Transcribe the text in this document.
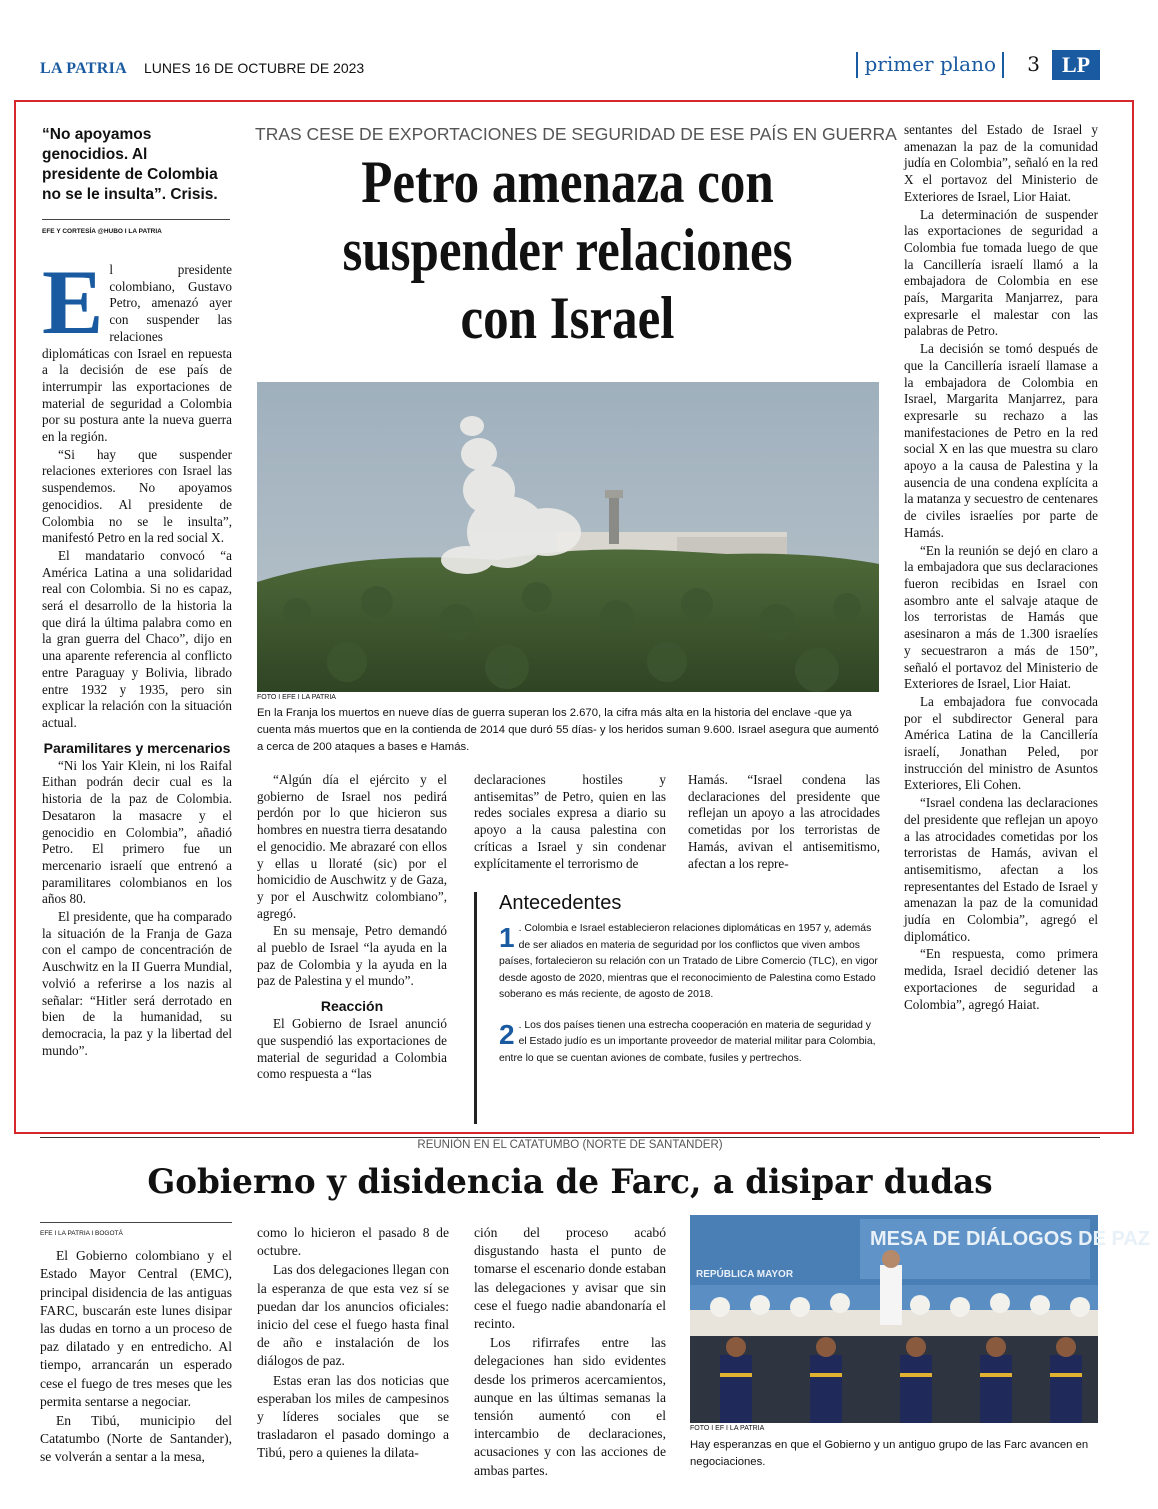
LA PATRIA LUNES 16 DE OCTUBRE DE 2023	primer plano	3 LP
“No apoyamos genocidios. Al presidente de Colombia no se le insulta”. Crisis.
EFE Y CORTESÍA @HUBO I LA PATRIA
TRAS CESE DE EXPORTACIONES DE SEGURIDAD DE ESE PAÍS EN GUERRA
Petro amenaza con suspender relaciones con Israel
E l presidente colombiano, Gustavo Petro, amenazó ayer con suspender las relaciones diplomáticas con Israel en repuesta a la decisión de ese país de interrumpir las exportaciones de material de seguridad a Colombia por su postura ante la nueva guerra en la región.

“Si hay que suspender relaciones exteriores con Israel las suspendemos. No apoyamos genocidios. Al presidente de Colombia no se le insulta”, manifestó Petro en la red social X.

El mandatario convocó “a América Latina a una solidaridad real con Colombia. Si no es capaz, será el desarrollo de la historia la que dirá la última palabra como en la gran guerra del Chaco”, dijo en una aparente referencia al conflicto entre Paraguay y Bolivia, librado entre 1932 y 1935, pero sin explicar la relación con la situación actual.

Paramilitares y mercenarios

“Ni los Yair Klein, ni los Raifal Eithan podrán decir cual es la historia de la paz de Colombia. Desataron la masacre y el genocidio en Colombia”, añadió Petro. El primero fue un mercenario israelí que entrenó a paramilitares colombianos en los años 80.

El presidente, que ha comparado la situación de la Franja de Gaza con el campo de concentración de Auschwitz en la II Guerra Mundial, volvió a referirse a los nazis al señalar: “Hitler será derrotado en bien de la humanidad, su democracia, la paz y la libertad del mundo”.

FOTO I EFE I LA PATRIA
En la Franja los muertos en nueve días de guerra superan los 2.670, la cifra más alta en la historia del enclave -que ya cuenta más muertos que en la contienda de 2014 que duró 55 días- y los heridos suman 9.600. Israel asegura que aumentó a cerca de 200 ataques a bases e Hamás.

“Algún día el ejército y el gobierno de Israel nos pedirá perdón por lo que hicieron sus hombres en nuestra tierra desatando el genocidio. Me abrazaré con ellos y ellas u lloraté (sic) por el homicidio de Auschwitz y de Gaza, y por el Auschwitz colombiano”, agregó.

En su mensaje, Petro demandó al pueblo de Israel “la ayuda en la paz de Colombia y la ayuda en la paz de Palestina y el mundo”.

Reacción

El Gobierno de Israel anunció que suspendió las exportaciones de material de seguridad a Colombia como respuesta a “las

declaraciones hostiles y antisemitas” de Petro, quien en las redes sociales expresa a diario su apoyo a la causa palestina con críticas a Israel y sin condenar explícitamente el terrorismo de

Hamás. “Israel condena las declaraciones del presidente que reflejan un apoyo a las atrocidades cometidas por los terroristas de Hamás, avivan el antisemitismo, afectan a los repre-

Antecedentes
1 . Colombia e Israel establecieron relaciones diplomáticas en 1957 y, además de ser aliados en materia de seguridad por los conflictos que viven ambos países, fortalecieron su relación con un Tratado de Libre Comercio (TLC), en vigor desde agosto de 2020, mientras que el reconocimiento de Palestina como Estado soberano es más reciente, de agosto de 2018.
2 . Los dos países tienen una estrecha cooperación en materia de seguridad y el Estado judío es un importante proveedor de material militar para Colombia, entre lo que se cuentan aviones de combate, fusiles y pertrechos.

sentantes del Estado de Israel y amenazan la paz de la comunidad judía en Colombia”, señaló en la red X el portavoz del Ministerio de Exteriores de Israel, Lior Haiat.

La determinación de suspender las exportaciones de seguridad a Colombia fue tomada luego de que la Cancillería israelí llamó a la embajadora de Colombia en ese país, Margarita Manjarrez, para expresarle el malestar con las palabras de Petro.

La decisión se tomó después de que la Cancillería israelí llamase a la embajadora de Colombia en Israel, Margarita Manjarrez, para expresarle su rechazo a las manifestaciones de Petro en la red social X en las que muestra su claro apoyo a la causa de Palestina y la ausencia de una condena explícita a la matanza y secuestro de centenares de civiles israelíes por parte de Hamás.

“En la reunión se dejó en claro a la embajadora que sus declaraciones fueron recibidas en Israel con asombro ante el salvaje ataque de los terroristas de Hamás que asesinaron a más de 1.300 israelíes y secuestraron a más de 150”, señaló el portavoz del Ministerio de Exteriores de Israel, Lior Haiat.

La embajadora fue convocada por el subdirector General para América Latina de la Cancillería israelí, Jonathan Peled, por instrucción del ministro de Asuntos Exteriores, Eli Cohen.

“Israel condena las declaraciones del presidente que reflejan un apoyo a las atrocidades cometidas por los terroristas de Hamás, avivan el antisemitismo, afectan a los representantes del Estado de Israel y amenazan la paz de la comunidad judía en Colombia”, agregó el diplomático.

“En respuesta, como primera medida, Israel decidió detener las exportaciones de seguridad a Colombia”, agregó Haiat.

REUNIÓN EN EL CATATUMBO (NORTE DE SANTANDER)
Gobierno y disidencia de Farc, a disipar dudas
EFE I LA PATRIA I BOGOTÁ

El Gobierno colombiano y el Estado Mayor Central (EMC), principal disidencia de las antiguas FARC, buscarán este lunes disipar las dudas en torno a un proceso de paz dilatado y en entredicho. Al tiempo, arrancarán un esperado cese el fuego de tres meses que les permita sentarse a negociar.

En Tibú, municipio del Catatumbo (Norte de Santander), se volverán a sentar a la mesa,

como lo hicieron el pasado 8 de octubre.

Las dos delegaciones llegan con la esperanza de que esta vez sí se puedan dar los anuncios oficiales: inicio del cese el fuego hasta final de año e instalación de los diálogos de paz.

Estas eran las dos noticias que esperaban los miles de campesinos y líderes sociales que se trasladaron el pasado domingo a Tibú, pero a quienes la dilata-

ción del proceso acabó disgustando hasta el punto de tomarse el escenario donde estaban las delegaciones y avisar que sin cese el fuego nadie abandonaría el recinto.

Los rifirrafes entre las delegaciones han sido evidentes desde los primeros acercamientos, aunque en las últimas semanas la tensión aumentó con el intercambio de declaraciones, acusaciones y con las acciones de ambas partes.

MESA DE DIÁLOGOS DE PAZ
REPÚBLICA MAYOR
FOTO I EF I LA PATRIA
Hay esperanzas en que el Gobierno y un antiguo grupo de las Farc avancen en negociaciones.
